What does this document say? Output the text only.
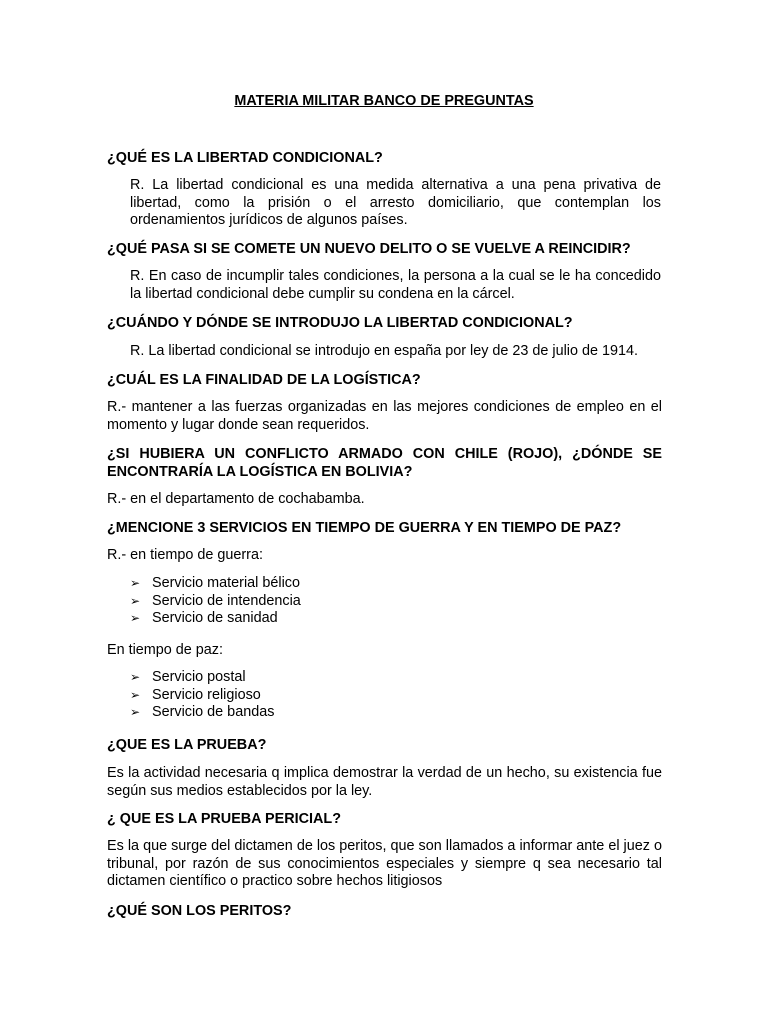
MATERIA MILITAR BANCO DE PREGUNTAS

¿QUÉ ES LA LIBERTAD CONDICIONAL?

R. La libertad condicional es una medida alternativa a una pena privativa de libertad, como la prisión o el arresto domiciliario, que contemplan los ordenamientos jurídicos de algunos países.

¿QUÉ PASA SI SE COMETE UN NUEVO DELITO O SE VUELVE A REINCIDIR?

R. En caso de incumplir tales condiciones, la persona a la cual se le ha concedido la libertad condicional debe cumplir su condena en la cárcel.

¿CUÁNDO Y DÓNDE SE INTRODUJO LA LIBERTAD CONDICIONAL?

R. La libertad condicional se introdujo en españa por ley de 23 de julio de 1914.

¿CUÁL ES LA FINALIDAD DE LA LOGÍSTICA?

R.- mantener a las fuerzas organizadas en las mejores condiciones de empleo en el momento y lugar donde sean requeridos.

¿SI HUBIERA UN CONFLICTO ARMADO CON CHILE (ROJO), ¿DÓNDE SE ENCONTRARÍA LA LOGÍSTICA EN BOLIVIA?

R.- en el departamento de cochabamba.

¿MENCIONE 3 SERVICIOS EN TIEMPO DE GUERRA Y EN TIEMPO DE PAZ?

R.- en tiempo de guerra:

➢ Servicio material bélico
➢ Servicio de intendencia
➢ Servicio de sanidad

En tiempo de paz:

➢ Servicio postal
➢ Servicio religioso
➢ Servicio de bandas

¿QUE ES LA PRUEBA?

Es la actividad necesaria q implica demostrar la verdad de un hecho, su existencia fue según sus medios establecidos por la ley.

¿ QUE ES LA PRUEBA PERICIAL?

Es la que surge del dictamen de los peritos, que son llamados a informar ante el juez o tribunal, por razón de sus conocimientos especiales y siempre q sea necesario tal dictamen científico o practico sobre hechos litigiosos

¿QUÉ SON LOS PERITOS?
